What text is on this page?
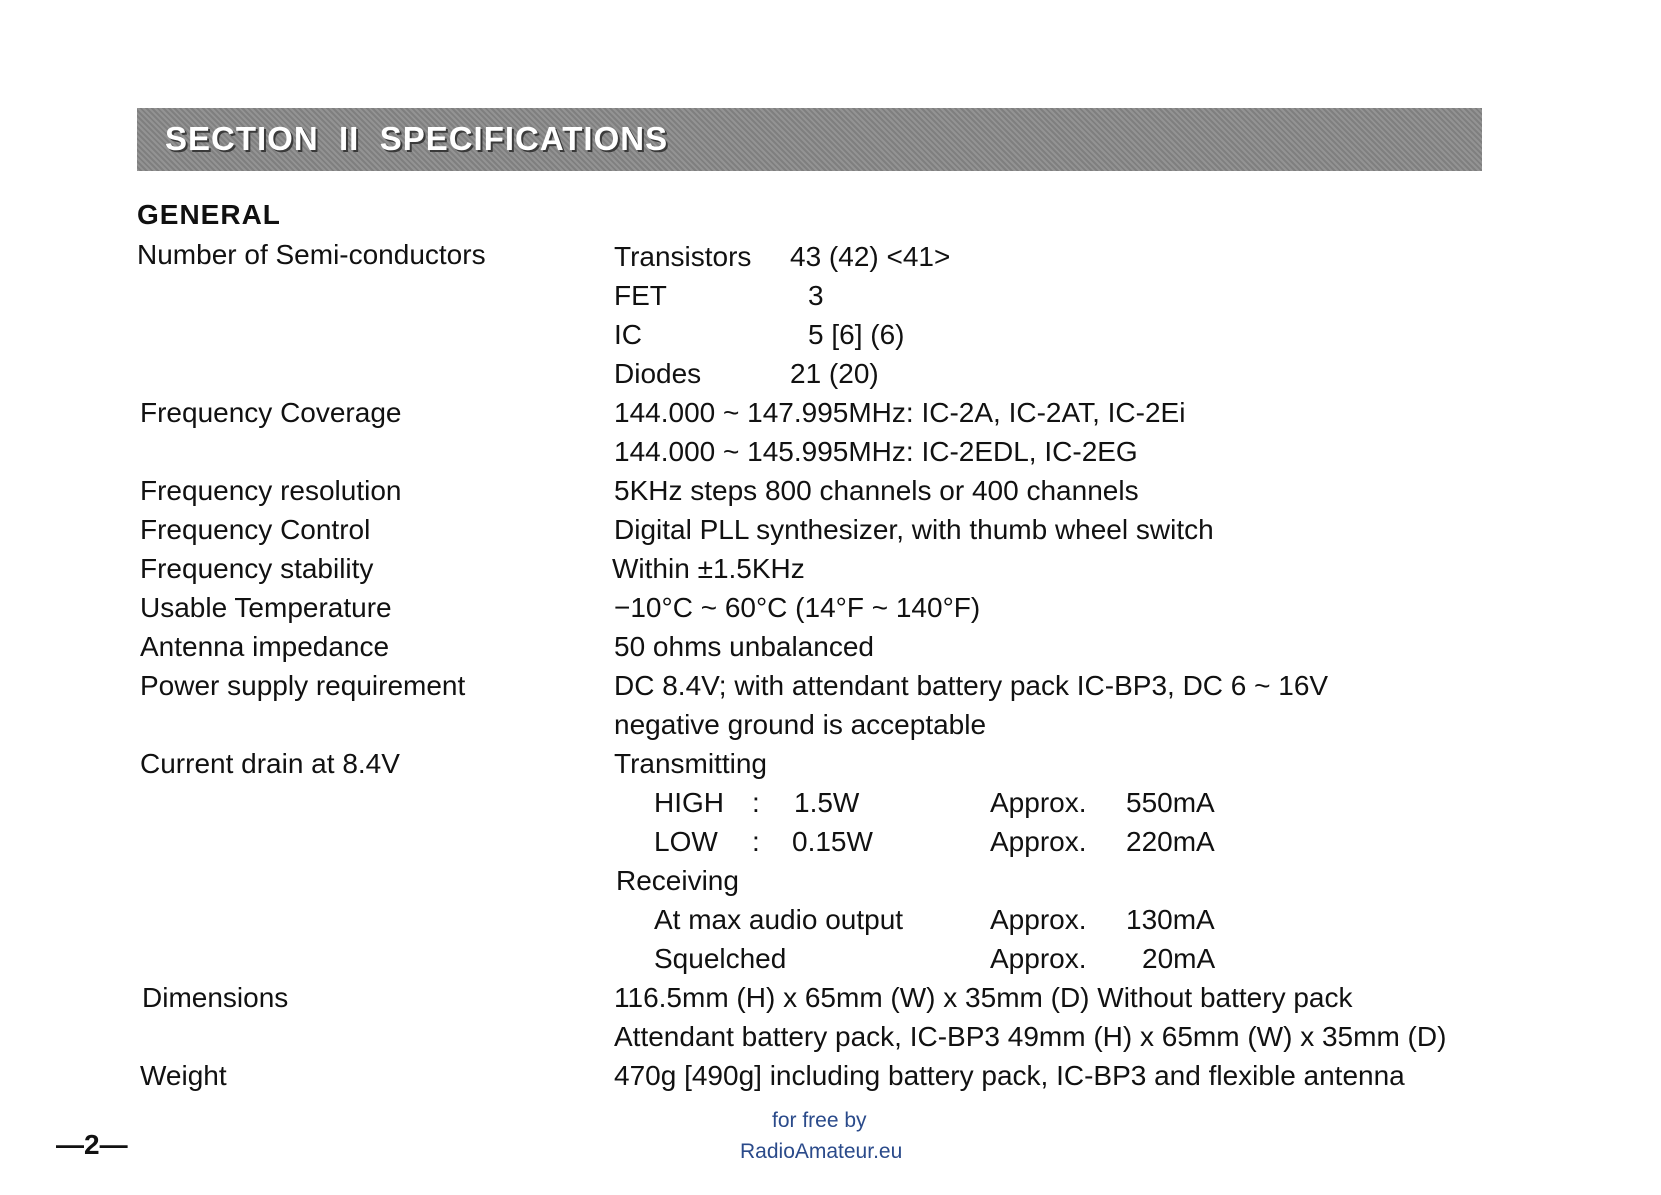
SECTION  II  SPECIFICATIONS
GENERAL
Number of Semi-conductors	Transistors 43 (42) <41>
FET	3
IC	5 [6] (6)
Diodes	21 (20)
Frequency Coverage	144.000 ~ 147.995MHz: IC-2A, IC-2AT, IC-2Ei
144.000 ~ 145.995MHz: IC-2EDL, IC-2EG
Frequency resolution	5KHz steps 800 channels or 400 channels
Frequency Control	Digital PLL synthesizer, with thumb wheel switch
Frequency stability	Within ±1.5KHz
Usable Temperature	−10°C ~ 60°C (14°F ~ 140°F)
Antenna impedance	50 ohms unbalanced
Power supply requirement	DC 8.4V; with attendant battery pack IC-BP3, DC 6 ~ 16V
negative ground is acceptable
Current drain at 8.4V	Transmitting
HIGH : 1.5W	Approx. 550mA
LOW : 0.15W	Approx. 220mA
Receiving
At max audio output	Approx. 130mA
Squelched	Approx. 20mA
Dimensions	116.5mm (H) x 65mm (W) x 35mm (D) Without battery pack
Attendant battery pack, IC-BP3 49mm (H) x 65mm (W) x 35mm (D)
Weight	470g [490g] including battery pack, IC-BP3 and flexible antenna
for free by
RadioAmateur.eu
—2—
